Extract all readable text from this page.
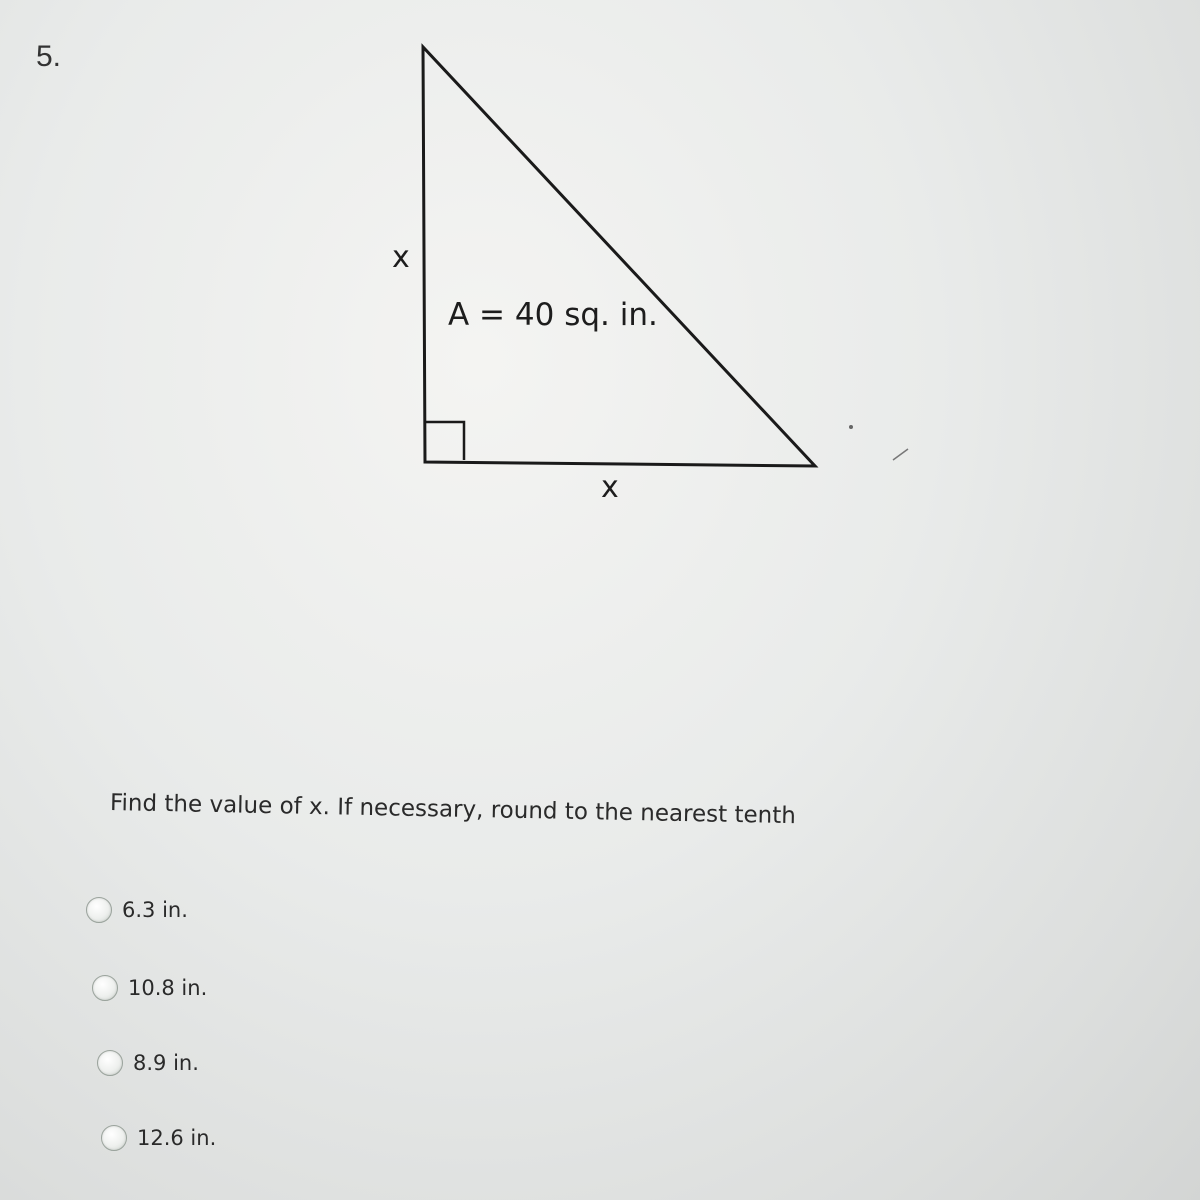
5.
x
A = 40 sq. in.
x
Find the value of x. If necessary, round to the nearest tenth
6.3 in.
10.8 in.
8.9 in.
12.6 in.
